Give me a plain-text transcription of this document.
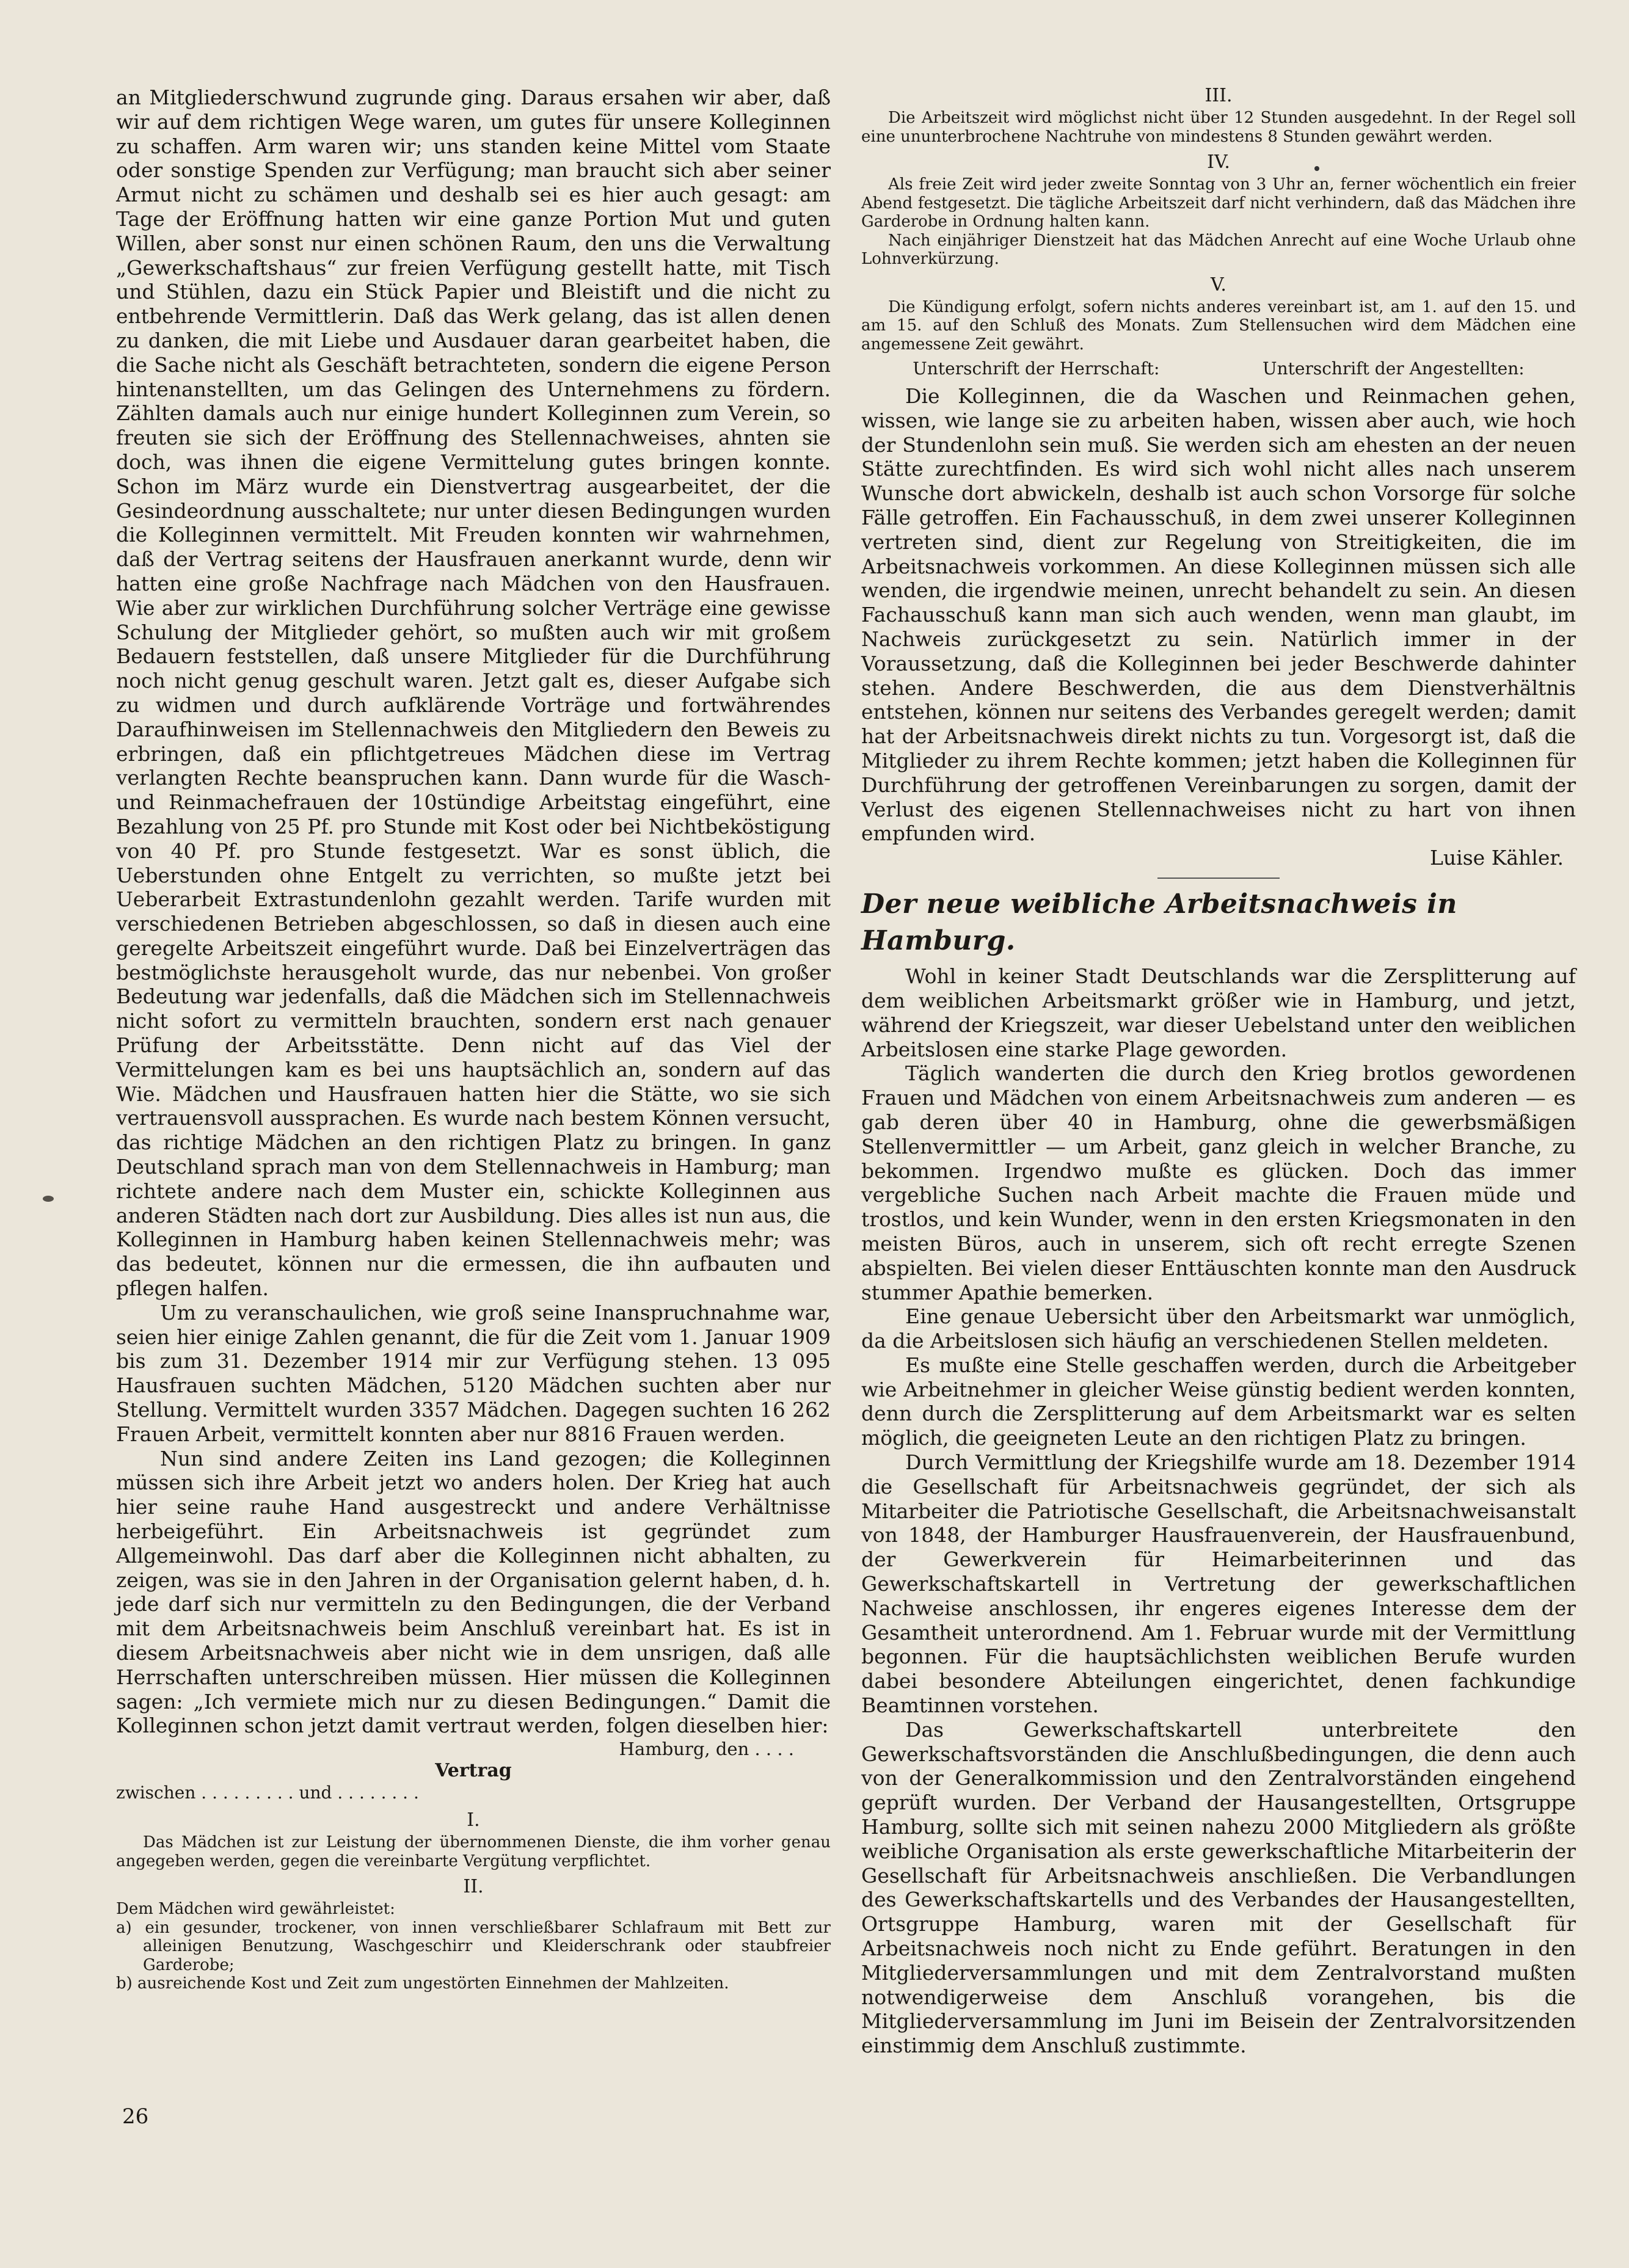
an Mitgliederschwund zugrunde ging. Daraus ersahen wir aber, daß wir auf dem richtigen Wege waren, um gutes für unsere Kolleginnen zu schaffen. Arm waren wir; uns standen keine Mittel vom Staate oder sonstige Spenden zur Verfügung; man braucht sich aber seiner Armut nicht zu schämen und deshalb sei es hier auch gesagt: am Tage der Eröffnung hatten wir eine ganze Portion Mut und guten Willen, aber sonst nur einen schönen Raum, den uns die Verwaltung „Gewerkschaftshaus“ zur freien Verfügung gestellt hatte, mit Tisch und Stühlen, dazu ein Stück Papier und Bleistift und die nicht zu entbehrende Vermittlerin. Daß das Werk gelang, das ist allen denen zu danken, die mit Liebe und Ausdauer daran gearbeitet haben, die die Sache nicht als Geschäft betrachteten, sondern die eigene Person hintenanstellten, um das Gelingen des Unternehmens zu fördern. Zählten damals auch nur einige hundert Kolleginnen zum Verein, so freuten sie sich der Eröffnung des Stellennachweises, ahnten sie doch, was ihnen die eigene Vermittelung gutes bringen konnte. Schon im März wurde ein Dienstvertrag ausgearbeitet, der die Gesindeordnung ausschaltete; nur unter diesen Bedingungen wurden die Kolleginnen vermittelt. Mit Freuden konnten wir wahrnehmen, daß der Vertrag seitens der Hausfrauen anerkannt wurde, denn wir hatten eine große Nachfrage nach Mädchen von den Hausfrauen. Wie aber zur wirklichen Durchführung solcher Verträge eine gewisse Schulung der Mitglieder gehört, so mußten auch wir mit großem Bedauern feststellen, daß unsere Mitglieder für die Durchführung noch nicht genug geschult waren. Jetzt galt es, dieser Aufgabe sich zu widmen und durch aufklärende Vorträge und fortwährendes Daraufhinweisen im Stellennachweis den Mitgliedern den Beweis zu erbringen, daß ein pflichtgetreues Mädchen diese im Vertrag verlangten Rechte beanspruchen kann. Dann wurde für die Wasch- und Reinmachefrauen der 10stündige Arbeitstag eingeführt, eine Bezahlung von 25 Pf. pro Stunde mit Kost oder bei Nichtbeköstigung von 40 Pf. pro Stunde festgesetzt. War es sonst üblich, die Ueberstunden ohne Entgelt zu verrichten, so mußte jetzt bei Ueberarbeit Extrastundenlohn gezahlt werden. Tarife wurden mit verschiedenen Betrieben abgeschlossen, so daß in diesen auch eine geregelte Arbeitszeit eingeführt wurde. Daß bei Einzelverträgen das bestmöglichste herausgeholt wurde, das nur nebenbei. Von großer Bedeutung war jedenfalls, daß die Mädchen sich im Stellennachweis nicht sofort zu vermitteln brauchten, sondern erst nach genauer Prüfung der Arbeitsstätte. Denn nicht auf das Viel der Vermittelungen kam es bei uns hauptsächlich an, sondern auf das Wie. Mädchen und Hausfrauen hatten hier die Stätte, wo sie sich vertrauensvoll aussprachen. Es wurde nach bestem Können versucht, das richtige Mädchen an den richtigen Platz zu bringen. In ganz Deutschland sprach man von dem Stellennachweis in Hamburg; man richtete andere nach dem Muster ein, schickte Kolleginnen aus anderen Städten nach dort zur Ausbildung. Dies alles ist nun aus, die Kolleginnen in Hamburg haben keinen Stellennachweis mehr; was das bedeutet, können nur die ermessen, die ihn aufbauten und pflegen halfen.

Um zu veranschaulichen, wie groß seine Inanspruchnahme war, seien hier einige Zahlen genannt, die für die Zeit vom 1. Januar 1909 bis zum 31. Dezember 1914 mir zur Verfügung stehen. 13 095 Hausfrauen suchten Mädchen, 5120 Mädchen suchten aber nur Stellung. Vermittelt wurden 3357 Mädchen. Dagegen suchten 16 262 Frauen Arbeit, vermittelt konnten aber nur 8816 Frauen werden.

Nun sind andere Zeiten ins Land gezogen; die Kolleginnen müssen sich ihre Arbeit jetzt wo anders holen. Der Krieg hat auch hier seine rauhe Hand ausgestreckt und andere Verhältnisse herbeigeführt. Ein Arbeitsnachweis ist gegründet zum Allgemeinwohl. Das darf aber die Kolleginnen nicht abhalten, zu zeigen, was sie in den Jahren in der Organisation gelernt haben, d. h. jede darf sich nur vermitteln zu den Bedingungen, die der Verband mit dem Arbeitsnachweis beim Anschluß vereinbart hat. Es ist in diesem Arbeitsnachweis aber nicht wie in dem unsrigen, daß alle Herrschaften unterschreiben müssen. Hier müssen die Kolleginnen sagen: „Ich vermiete mich nur zu diesen Bedingungen.“ Damit die Kolleginnen schon jetzt damit vertraut werden, folgen dieselben hier:

Hamburg, den . . . .
Vertrag
zwischen . . . . . . . . . und . . . . . . . .
I.

Das Mädchen ist zur Leistung der übernommenen Dienste, die ihm vorher genau angegeben werden, gegen die vereinbarte Vergütung verpflichtet.

II.

Dem Mädchen wird gewährleistet:

a) ein gesunder, trockener, von innen verschließbarer Schlafraum mit Bett zur alleinigen Benutzung, Waschgeschirr und Kleiderschrank oder staubfreier Garderobe;
b) ausreichende Kost und Zeit zum ungestörten Einnehmen der Mahlzeiten.
26
III.

Die Arbeitszeit wird möglichst nicht über 12 Stunden ausgedehnt. In der Regel soll eine ununterbrochene Nachtruhe von mindestens 8 Stunden gewährt werden.

IV.

Als freie Zeit wird jeder zweite Sonntag von 3 Uhr an, ferner wöchentlich ein freier Abend festgesetzt. Die tägliche Arbeitszeit darf nicht verhindern, daß das Mädchen ihre Garderobe in Ordnung halten kann.

Nach einjähriger Dienstzeit hat das Mädchen Anrecht auf eine Woche Urlaub ohne Lohnverkürzung.

V.

Die Kündigung erfolgt, sofern nichts anderes vereinbart ist, am 1. auf den 15. und am 15. auf den Schluß des Monats. Zum Stellensuchen wird dem Mädchen eine angemessene Zeit gewährt.

Unterschrift der Herrschaft:	Unterschrift der Angestellten:

Die Kolleginnen, die da Waschen und Reinmachen gehen, wissen, wie lange sie zu arbeiten haben, wissen aber auch, wie hoch der Stundenlohn sein muß. Sie werden sich am ehesten an der neuen Stätte zurechtfinden. Es wird sich wohl nicht alles nach unserem Wunsche dort abwickeln, deshalb ist auch schon Vorsorge für solche Fälle getroffen. Ein Fachausschuß, in dem zwei unserer Kolleginnen vertreten sind, dient zur Regelung von Streitigkeiten, die im Arbeitsnachweis vorkommen. An diese Kolleginnen müssen sich alle wenden, die irgendwie meinen, unrecht behandelt zu sein. An diesen Fachausschuß kann man sich auch wenden, wenn man glaubt, im Nachweis zurückgesetzt zu sein. Natürlich immer in der Voraussetzung, daß die Kolleginnen bei jeder Beschwerde dahinter stehen. Andere Beschwerden, die aus dem Dienstverhältnis entstehen, können nur seitens des Verbandes geregelt werden; damit hat der Arbeitsnachweis direkt nichts zu tun. Vorgesorgt ist, daß die Mitglieder zu ihrem Rechte kommen; jetzt haben die Kolleginnen für Durchführung der getroffenen Vereinbarungen zu sorgen, damit der Verlust des eigenen Stellennachweises nicht zu hart von ihnen empfunden wird.

Luise Kähler.
Der neue weibliche Arbeitsnachweis in Hamburg.

Wohl in keiner Stadt Deutschlands war die Zersplitterung auf dem weiblichen Arbeitsmarkt größer wie in Hamburg, und jetzt, während der Kriegszeit, war dieser Uebelstand unter den weiblichen Arbeitslosen eine starke Plage geworden.

Täglich wanderten die durch den Krieg brotlos gewordenen Frauen und Mädchen von einem Arbeitsnachweis zum anderen — es gab deren über 40 in Hamburg, ohne die gewerbsmäßigen Stellenvermittler — um Arbeit, ganz gleich in welcher Branche, zu bekommen. Irgendwo mußte es glücken. Doch das immer vergebliche Suchen nach Arbeit machte die Frauen müde und trostlos, und kein Wunder, wenn in den ersten Kriegsmonaten in den meisten Büros, auch in unserem, sich oft recht erregte Szenen abspielten. Bei vielen dieser Enttäuschten konnte man den Ausdruck stummer Apathie bemerken.

Eine genaue Uebersicht über den Arbeitsmarkt war unmöglich, da die Arbeitslosen sich häufig an verschiedenen Stellen meldeten.

Es mußte eine Stelle geschaffen werden, durch die Arbeitgeber wie Arbeitnehmer in gleicher Weise günstig bedient werden konnten, denn durch die Zersplitterung auf dem Arbeitsmarkt war es selten möglich, die geeigneten Leute an den richtigen Platz zu bringen.

Durch Vermittlung der Kriegshilfe wurde am 18. Dezember 1914 die Gesellschaft für Arbeitsnachweis gegründet, der sich als Mitarbeiter die Patriotische Gesellschaft, die Arbeitsnachweisanstalt von 1848, der Hamburger Hausfrauenverein, der Hausfrauenbund, der Gewerkverein für Heimarbeiterinnen und das Gewerkschaftskartell in Vertretung der gewerkschaftlichen Nachweise anschlossen, ihr engeres eigenes Interesse dem der Gesamtheit unterordnend. Am 1. Februar wurde mit der Vermittlung begonnen. Für die hauptsächlichsten weiblichen Berufe wurden dabei besondere Abteilungen eingerichtet, denen fachkundige Beamtinnen vorstehen.

Das Gewerkschaftskartell unterbreitete den Gewerkschaftsvorständen die Anschlußbedingungen, die denn auch von der Generalkommission und den Zentralvorständen eingehend geprüft wurden. Der Verband der Hausangestellten, Ortsgruppe Hamburg, sollte sich mit seinen nahezu 2000 Mitgliedern als größte weibliche Organisation als erste gewerkschaftliche Mitarbeiterin der Gesellschaft für Arbeitsnachweis anschließen. Die Verbandlungen des Gewerkschaftskartells und des Verbandes der Hausangestellten, Ortsgruppe Hamburg, waren mit der Gesellschaft für Arbeitsnachweis noch nicht zu Ende geführt. Beratungen in den Mitgliederversammlungen und mit dem Zentralvorstand mußten notwendigerweise dem Anschluß vorangehen, bis die Mitgliederversammlung im Juni im Beisein der Zentralvorsitzenden einstimmig dem Anschluß zustimmte.
